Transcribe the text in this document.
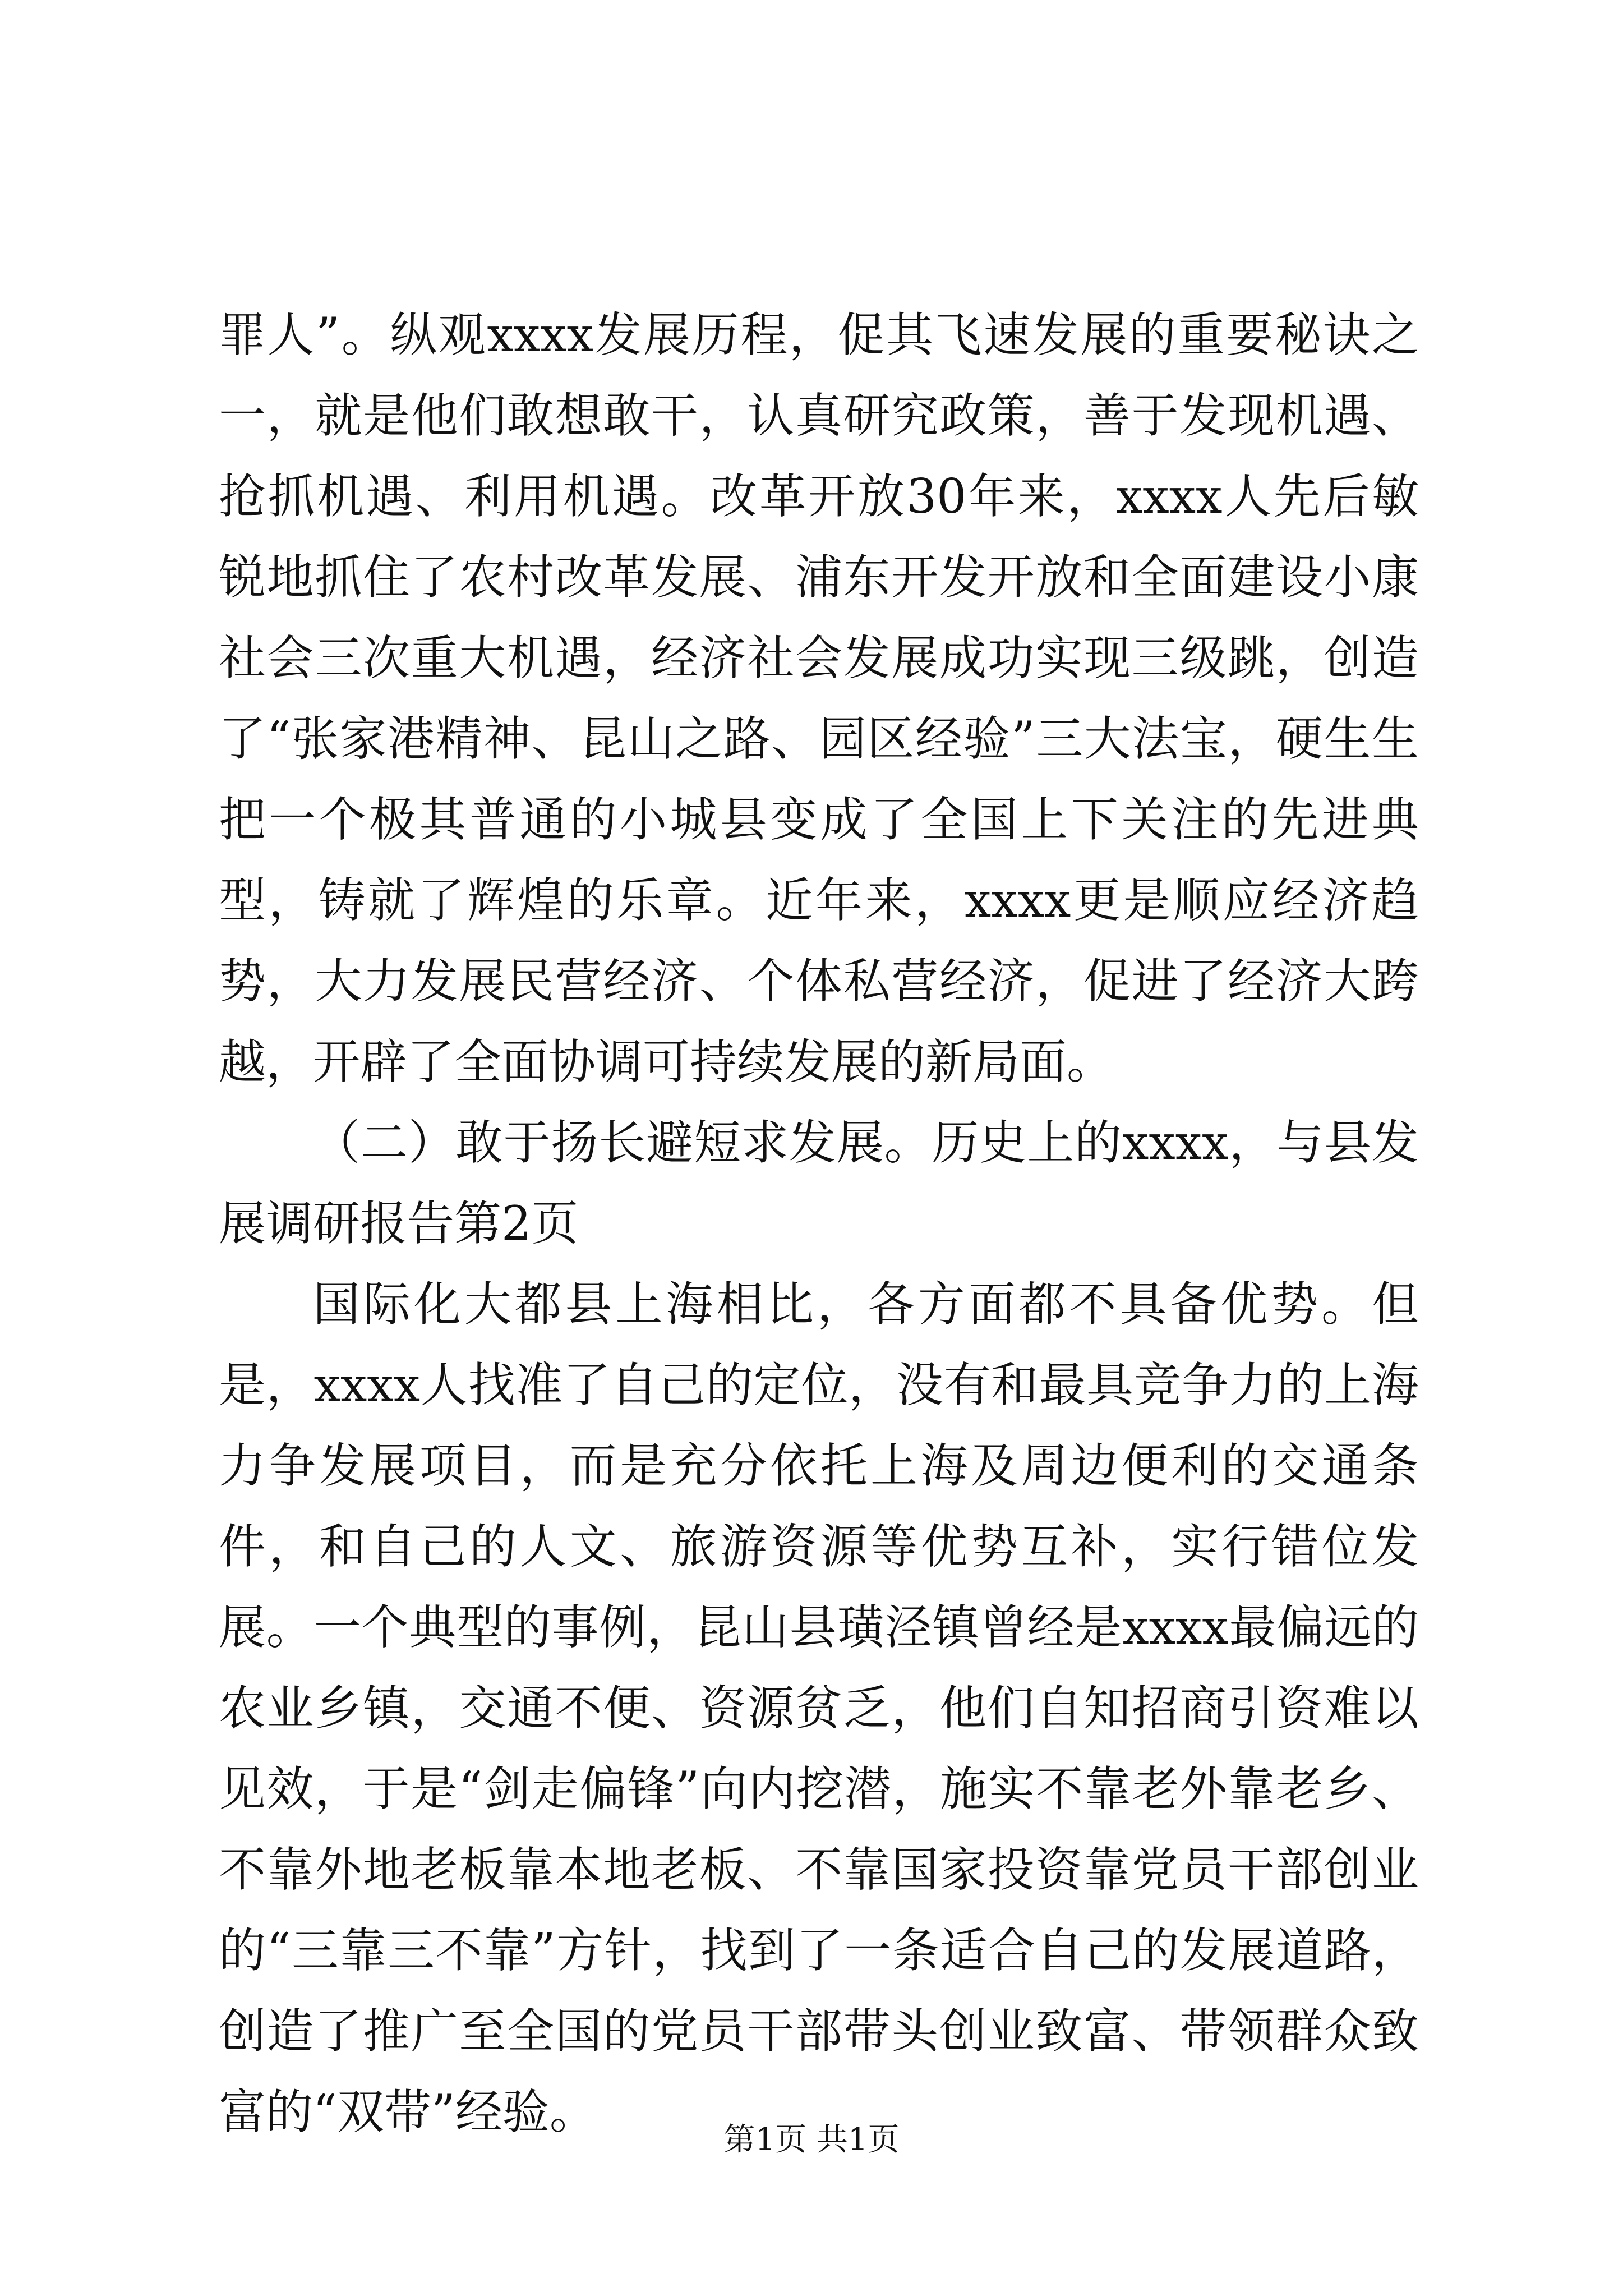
罪人”。纵观xxxx发展历程，促其飞速发展的重要秘诀之一，就是他们敢想敢干，认真研究政策，善于发现机遇、抢抓机遇、利用机遇。改革开放30年来，xxxx人先后敏锐地抓住了农村改革发展、浦东开发开放和全面建设小康社会三次重大机遇，经济社会发展成功实现三级跳，创造了“张家港精神、昆山之路、园区经验”三大法宝，硬生生把一个极其普通的小城县变成了全国上下关注的先进典型，铸就了辉煌的乐章。近年来，xxxx更是顺应经济趋势，大力发展民营经济、个体私营经济，促进了经济大跨越，开辟了全面协调可持续发展的新局面。

（二）敢于扬长避短求发展。历史上的xxxx，与县发展调研报告第2页

国际化大都县上海相比，各方面都不具备优势。但是，xxxx人找准了自己的定位，没有和最具竞争力的上海力争发展项目，而是充分依托上海及周边便利的交通条件，和自己的人文、旅游资源等优势互补，实行错位发展。一个典型的事例，昆山县璜泾镇曾经是xxxx最偏远的农业乡镇，交通不便、资源贫乏，他们自知招商引资难以见效，于是“剑走偏锋”向内挖潜，施实不靠老外靠老乡、不靠外地老板靠本地老板、不靠国家投资靠党员干部创业的“三靠三不靠”方针，找到了一条适合自己的发展道路，创造了推广至全国的党员干部带头创业致富、带领群众致富的“双带”经验。

第1页 共1页
